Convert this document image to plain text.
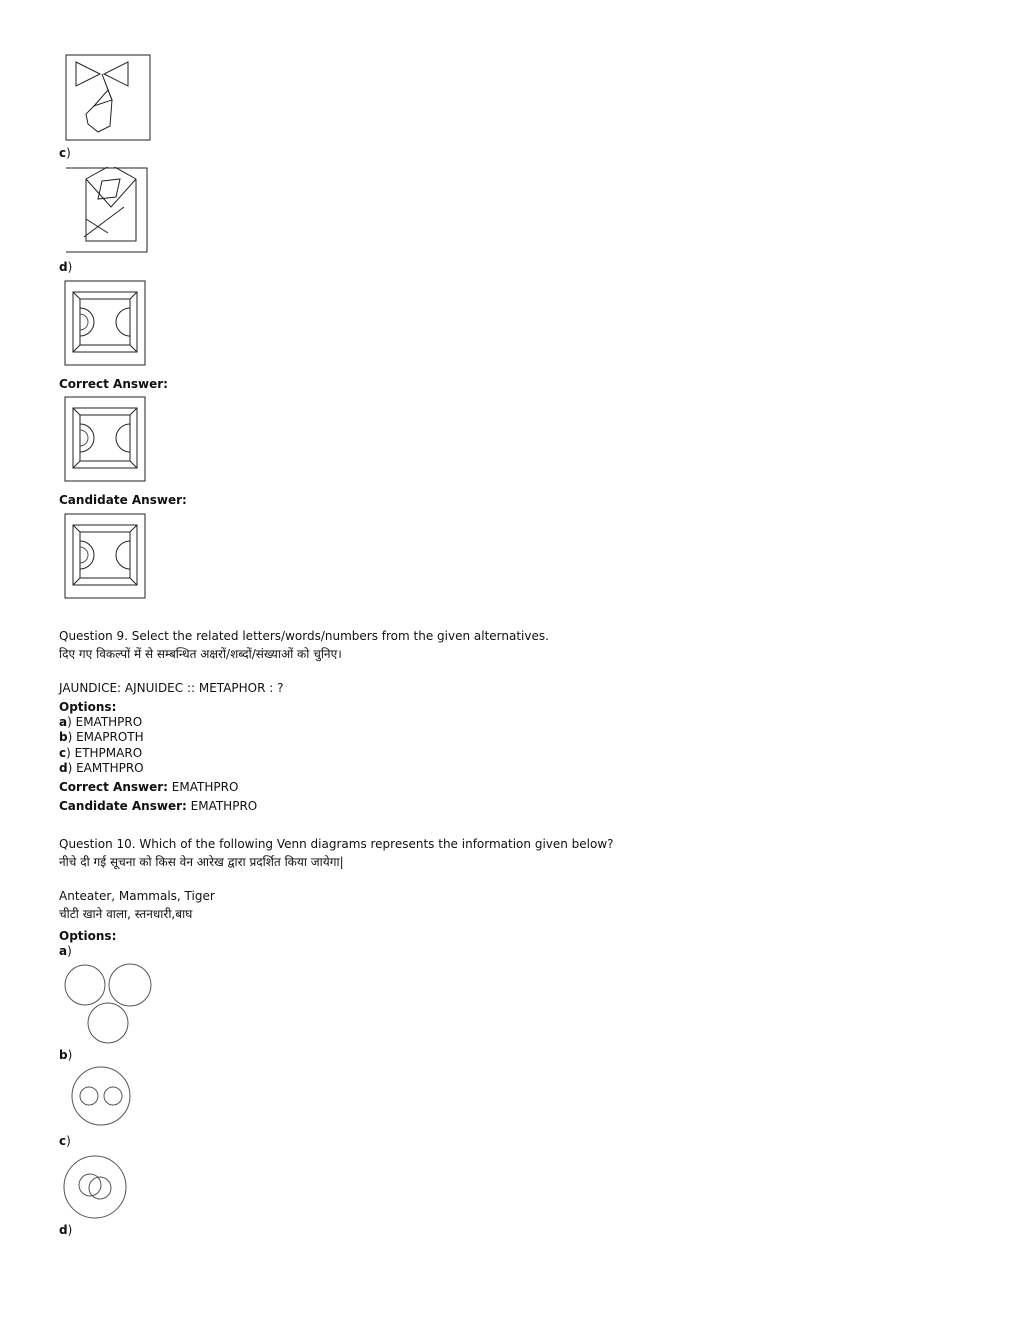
c)
d)
Correct Answer:
Candidate Answer:
Question 9. Select the related letters/words/numbers from the given alternatives.
दिए गए विकल्पों में से सम्बन्धित अक्षरों/शब्दों/संख्याओं को चुनिए।
JAUNDICE: AJNUIDEC :: METAPHOR : ?
Options:
a) EMATHPRO
b) EMAPROTH
c) ETHPMARO
d) EAMTHPRO
Correct Answer: EMATHPRO
Candidate Answer: EMATHPRO
Question 10. Which of the following Venn diagrams represents the information given below?
नीचे दी गई सूचना को किस वेन आरेख द्वारा प्रदर्शित किया जायेगा|
Anteater, Mammals, Tiger
चीटी खाने वाला, स्तनधारी,बाघ
Options:
a)
b)
c)
d)
